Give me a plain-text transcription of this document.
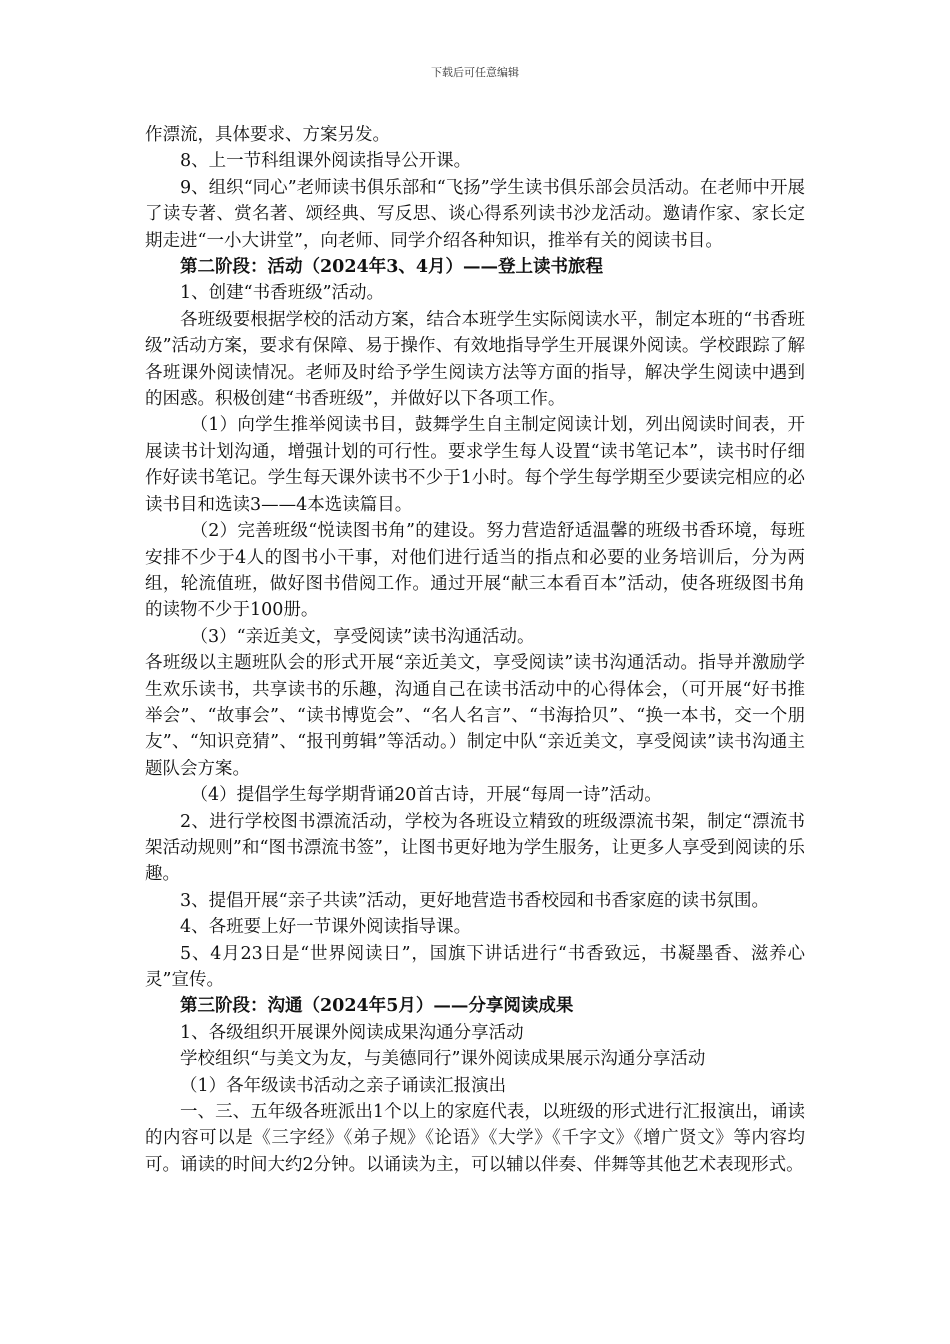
下载后可任意编辑

作漂流，具体要求、方案另发。

8、上一节科组课外阅读指导公开课。

9、组织“同心”老师读书俱乐部和“飞扬”学生读书俱乐部会员活动。在老师中开展了读专著、赏名著、颂经典、写反思、谈心得系列读书沙龙活动。邀请作家、家长定期走进“一小大讲堂”，向老师、同学介绍各种知识，推举有关的阅读书目。

第二阶段：活动（2024年3、4月）——登上读书旅程

1、创建“书香班级”活动。

各班级要根据学校的活动方案，结合本班学生实际阅读水平，制定本班的“书香班级”活动方案，要求有保障、易于操作、有效地指导学生开展课外阅读。学校跟踪了解各班课外阅读情况。老师及时给予学生阅读方法等方面的指导，解决学生阅读中遇到的困惑。积极创建“书香班级”，并做好以下各项工作。

（1）向学生推举阅读书目，鼓舞学生自主制定阅读计划，列出阅读时间表，开展读书计划沟通，增强计划的可行性。要求学生每人设置“读书笔记本”，读书时仔细作好读书笔记。学生每天课外读书不少于1小时。每个学生每学期至少要读完相应的必读书目和选读3——4本选读篇目。

（2）完善班级“悦读图书角”的建设。努力营造舒适温馨的班级书香环境，每班安排不少于4人的图书小干事，对他们进行适当的指点和必要的业务培训后，分为两组，轮流值班，做好图书借阅工作。通过开展“献三本看百本”活动，使各班级图书角的读物不少于100册。

（3）“亲近美文，享受阅读”读书沟通活动。

各班级以主题班队会的形式开展“亲近美文，享受阅读”读书沟通活动。指导并激励学生欢乐读书，共享读书的乐趣，沟通自己在读书活动中的心得体会，（可开展“好书推举会”、“故事会”、“读书博览会”、“名人名言”、“书海拾贝”、“换一本书，交一个朋友”、“知识竞猜”、“报刊剪辑”等活动。）制定中队“亲近美文，享受阅读”读书沟通主题队会方案。

（4）提倡学生每学期背诵20首古诗，开展“每周一诗”活动。

2、进行学校图书漂流活动，学校为各班设立精致的班级漂流书架，制定“漂流书架活动规则”和“图书漂流书签”，让图书更好地为学生服务，让更多人享受到阅读的乐趣。

3、提倡开展“亲子共读”活动，更好地营造书香校园和书香家庭的读书氛围。

4、各班要上好一节课外阅读指导课。

5、4月23日是“世界阅读日”，国旗下讲话进行“书香致远，书凝墨香、滋养心灵”宣传。

第三阶段：沟通（2024年5月）——分享阅读成果

1、各级组织开展课外阅读成果沟通分享活动

学校组织“与美文为友，与美德同行”课外阅读成果展示沟通分享活动

（1）各年级读书活动之亲子诵读汇报演出

一、三、五年级各班派出1个以上的家庭代表，以班级的形式进行汇报演出，诵读的内容可以是《三字经》《弟子规》《论语》《大学》《千字文》《增广贤文》等内容均可。诵读的时间大约2分钟。以诵读为主，可以辅以伴奏、伴舞等其他艺术表现形式。
